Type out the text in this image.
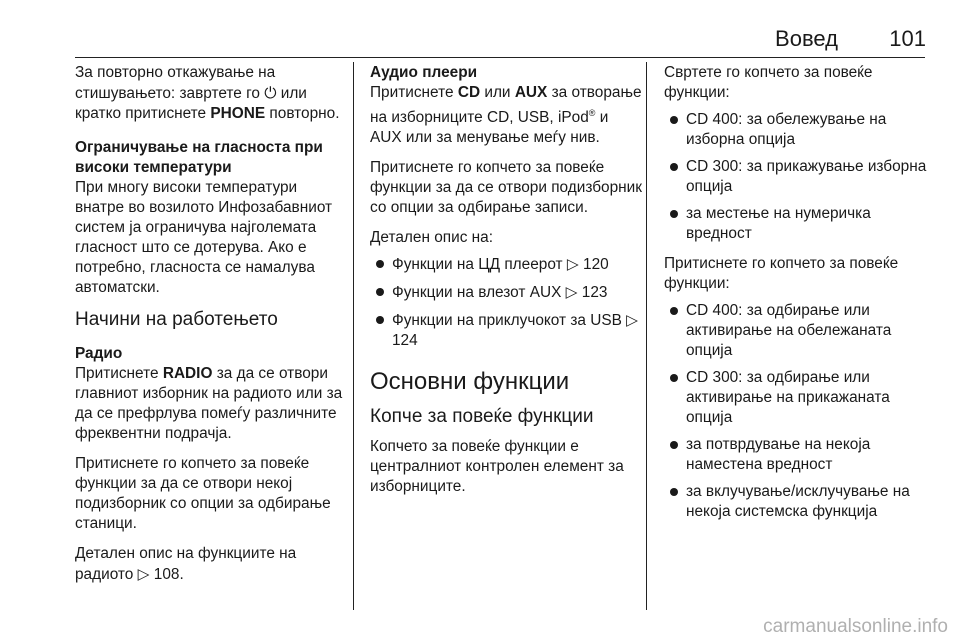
Вовед 101

За повторно откажување на стишувањето: завртете го ⏻ или кратко притиснете PHONE повторно.

Ограничување на гласноста при високи температури

При многу високи температури внатре во возилото Инфозабавниот систем ја ограничува најголемата гласност што се дотерува. Ако е потребно, гласноста се намалува автоматски.

Начини на работењето

Радио

Притиснете RADIO за да се отвори главниот изборник на радиото или за да се префрлува помеѓу различните фреквентни подрачја.

Притиснете го копчето за повеќе функции за да се отвори некој подизборник со опции за одбирање станици.

Деталeн опис на функциите на радиото ▷ 108.

Аудио плеери

Притиснете CD или AUX за отворање на изборниците CD, USB, iPod® и AUX или за менување меѓу нив.

Притиснете го копчето за повеќе функции за да се отвори подизборник со опции за одбирање записи.

Детален опис на:

Функции на ЦД плеерот ▷ 120
Функции на влезот AUX ▷ 123
Функции на приклучокот за USB ▷ 124

Основни функции

Копче за повеќе функции

Копчето за повеќе функции е централниот контролен елемент за изборниците.

Свртете го копчето за повеќе функции:

CD 400: за обележување на изборна опција
CD 300: за прикажување изборна опција
за местење на нумеричка вредност

Притиснете го копчето за повеќе функции:

CD 400: за одбирање или активирање на обележаната опција
CD 300: за одбирање или активирање на прикажаната опција
за потврдување на некоја наместена вредност
за вклучување/исклучување на некоја системска функција
carmanualsonline.info
